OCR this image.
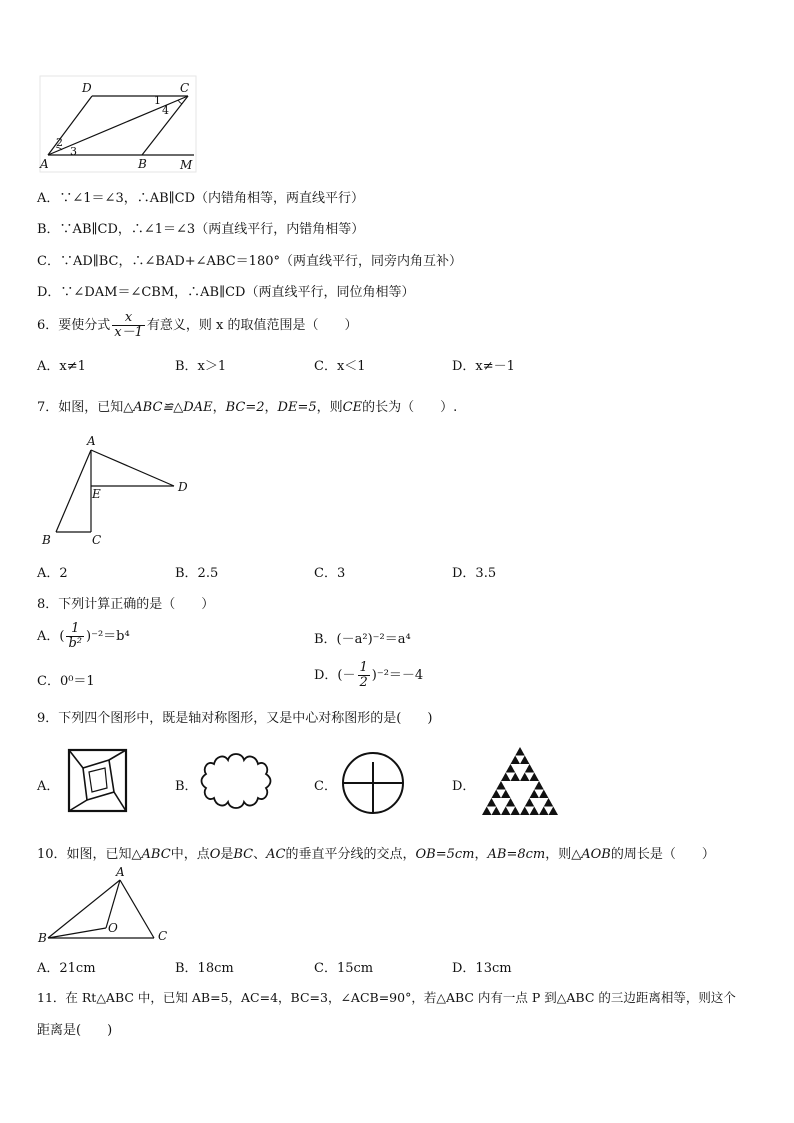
A	B
C
D
M
1
2
3
4
A．∵∠1＝∠3，∴AB∥CD（内错角相等，两直线平行）
B．∵AB∥CD，∴∠1＝∠3（两直线平行，内错角相等）
C．∵AD∥BC，∴∠BAD+∠ABC＝180°（两直线平行，同旁内角互补）
D．∵∠DAM＝∠CBM，∴AB∥CD（两直线平行，同位角相等）
6．要使分式 $\frac{x}{x-1}$ 有意义，则 x 的取值范围是（　　）
A．x≠1	B．x＞1	C．x＜1	D．x≠－1
7．如图，已知△ABC≌△DAE，BC=2，DE=5，则CE的长为（　　）.
A
B	C
D
E
A．2	B．2.5	C．3	D．3.5
8．下列计算正确的是（　　）
A．( $\frac{1}{\text{b²}} )^{-2}=b^4$	B．(－a²)⁻²＝a⁴
C．0⁰＝1	D．(－ $\frac{1}{2} )^{-2}=-4$
9．下列四个图形中，既是轴对称图形，又是中心对称图形的是(　　)
A．	B．	C．	D．
10．如图，已知△ABC中，点O是BC、AC的垂直平分线的交点，OB=5cm，AB=8cm，则△AOB的周长是（　　）
A
B	C
O
A．21cm	B．18cm	C．15cm	D．13cm
11．在 Rt△ABC 中，已知 AB=5，AC=4，BC=3，∠ACB=90°，若△ABC 内有一点 P 到△ABC 的三边距离相等，则这个
距离是(　　)
